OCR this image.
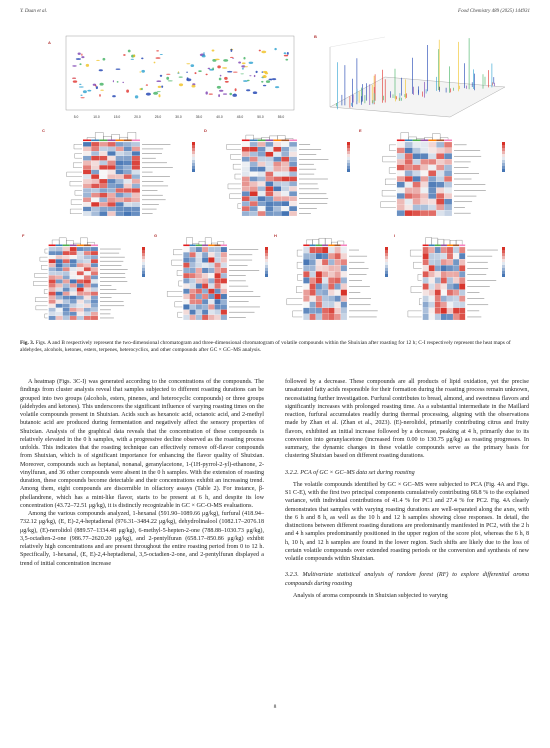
Y. Duan et al.	Food Chemistry 489 (2025) 144931
A
5.0	10.0	15.0	20.0	25.0	30.0	35.0	40.0	45.0	50.0	55.0
B
C	D	E
F	G	H	I
Fig. 3. Figs. A and B respectively represent the two-dimensional chromatogram and three-dimensional chromatogram of volatile compounds within the Shuixian after roasting for 12 h; C-I respectively represent the heat maps of aldehydes, alcohols, ketones, esters, terpenes, heterocyclics, and other compounds after GC × GC–MS analysis.

A heatmap (Figs. 3C-I) was generated according to the concentrations of the compounds. The findings from cluster analysis reveal that samples subjected to different roasting durations can be grouped into two groups (alcohols, esters, pinenes, and heterocyclic compounds) or three groups (aldehydes and ketones). This underscores the significant influence of varying roasting times on the volatile compounds present in Shuixian. Acids such as hexanoic acid, octanoic acid, and 2-methyl butanoic acid are produced during fermentation and negatively affect the sensory properties of Shuixian. Analysis of the graphical data reveals that the concentration of these compounds is relatively elevated in the 0 h samples, with a progressive decline observed as the roasting process unfolds. This indicates that the roasting technique can effectively remove off-flavor compounds from Shuixian, which is of significant importance for enhancing the flavor quality of Shuixian. Moreover, compounds such as heptanal, nonanal, geranylacetone, 1-(1H-pyrrol-2-yl)-ethanone, 2-vinylfuran, and 36 other compounds were absent in the 0 h samples. With the extension of roasting duration, these compounds become detectable and their concentrations exhibit an increasing trend. Among them, eight compounds are discernible in olfactory assays (Table 2). For instance, β-phellandrene, which has a mint-like flavor, starts to be present at 6 h, and despite its low concentration (43.72–72.51 μg/kg), it is distinctly recognizable in GC × GC-O-MS evaluations.

Among the various compounds analyzed, 1-hexanal (591.90–1089.66 μg/kg), furfural (418.94–732.12 μg/kg), (E, E)-2,4-heptadienal (976.31–3484.22 μg/kg), dehydrolinalool (1082.17–2076.18 μg/kg), (E)-nerolidol (889.57–1334.48 μg/kg), 6-methyl-5-hepten-2-one (788.88–1030.73 μg/kg), 3,5-octadien-2-one (986.77–2620.20 μg/kg), and 2-pentylfuran (658.17–850.86 μg/kg) exhibit relatively high concentrations and are present throughout the entire roasting period from 0 to 12 h. Specifically, 1-hexanal, (E, E)-2,4-heptadienal, 3,5-octadien-2-one, and 2-pentylfuran displayed a trend of initial concentration increase

followed by a decrease. These compounds are all products of lipid oxidation, yet the precise unsaturated fatty acids responsible for their formation during the roasting process remain unknown, necessitating further investigation. Furfural contributes to bread, almond, and sweetness flavors and significantly increases with prolonged roasting time. As a substantial intermediate in the Maillard reaction, furfural accumulates readily during thermal processing, aligning with the observations made by Zhan et al. (Zhan et al., 2023). (E)-nerolidol, primarily contributing citrus and fruity flavors, exhibited an initial increase followed by a decrease, peaking at 4 h, primarily due to its conversion into geranylacetone (increased from 0.00 to 130.75 μg/kg) as roasting progresses. In summary, the dynamic changes in these volatile compounds serve as the primary basis for clustering Shuixian based on different roasting durations.

3.2.2. PCA of GC × GC–MS data set during roasting

The volatile compounds identified by GC × GC–MS were subjected to PCA (Fig. 4A and Figs. S1 C-E), with the first two principal components cumulatively contributing 68.8 % to the explained variance, with individual contributions of 41.4 % for PC1 and 27.4 % for PC2. Fig. 4A clearly demonstrates that samples with varying roasting durations are well-separated along the axes, with the 6 h and 8 h, as well as the 10 h and 12 h samples showing close responses. In detail, the distinctions between different roasting durations are predominantly manifested in PC2, with the 2 h and 4 h samples predominantly positioned in the upper region of the score plot, whereas the 6 h, 8 h, 10 h, and 12 h samples are found in the lower region. Such shifts are likely due to the loss of certain volatile compounds over extended roasting periods or the conversion and synthesis of new volatile compounds within Shuixian.

3.2.3. Multivariate statistical analysis of random forest (RF) to explore differential aroma compounds during roasting

Analysis of aroma compounds in Shuixian subjected to varying

8
